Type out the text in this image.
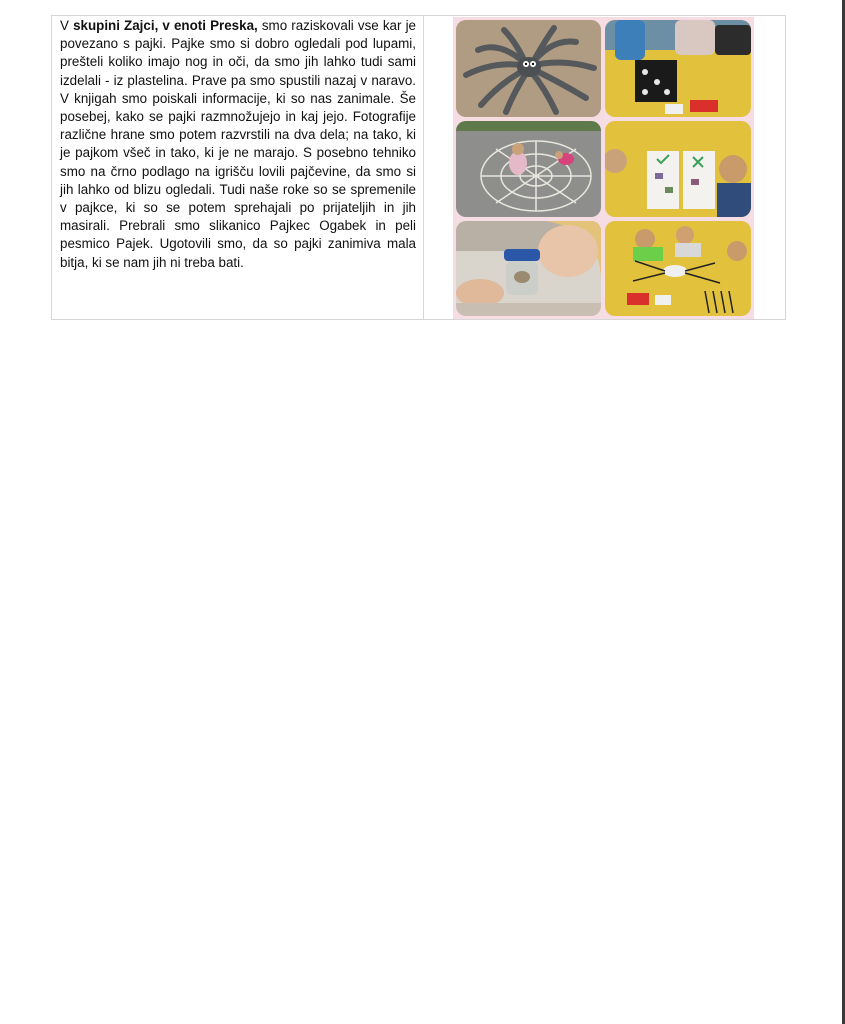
V skupini Zajci, v enoti Preska, smo raziskovali vse kar je povezano s pajki. Pajke smo si dobro ogledali pod lupami, prešteli koliko imajo nog in oči, da smo jih lahko tudi sami izdelali - iz plastelina. Prave pa smo spustili nazaj v naravo. V knjigah smo poiskali informacije, ki so nas zanimale. Še posebej, kako se pajki razmnožujejo in kaj jejo. Fotografije različne hrane smo potem razvrstili na dva dela; na tako, ki je pajkom všeč in tako, ki je ne marajo. S posebno tehniko smo na črno podlago na igrišču lovili pajčevine, da smo si jih lahko od blizu ogledali. Tudi naše roke so se spremenile v pajkce, ki so se potem sprehajali po prijateljih in jih masirali. Prebrali smo slikanico Pajkec Ogabek in peli pesmico Pajek. Ugotovili smo, da so pajki zanimiva mala bitja, ki se nam jih ni treba bati.
